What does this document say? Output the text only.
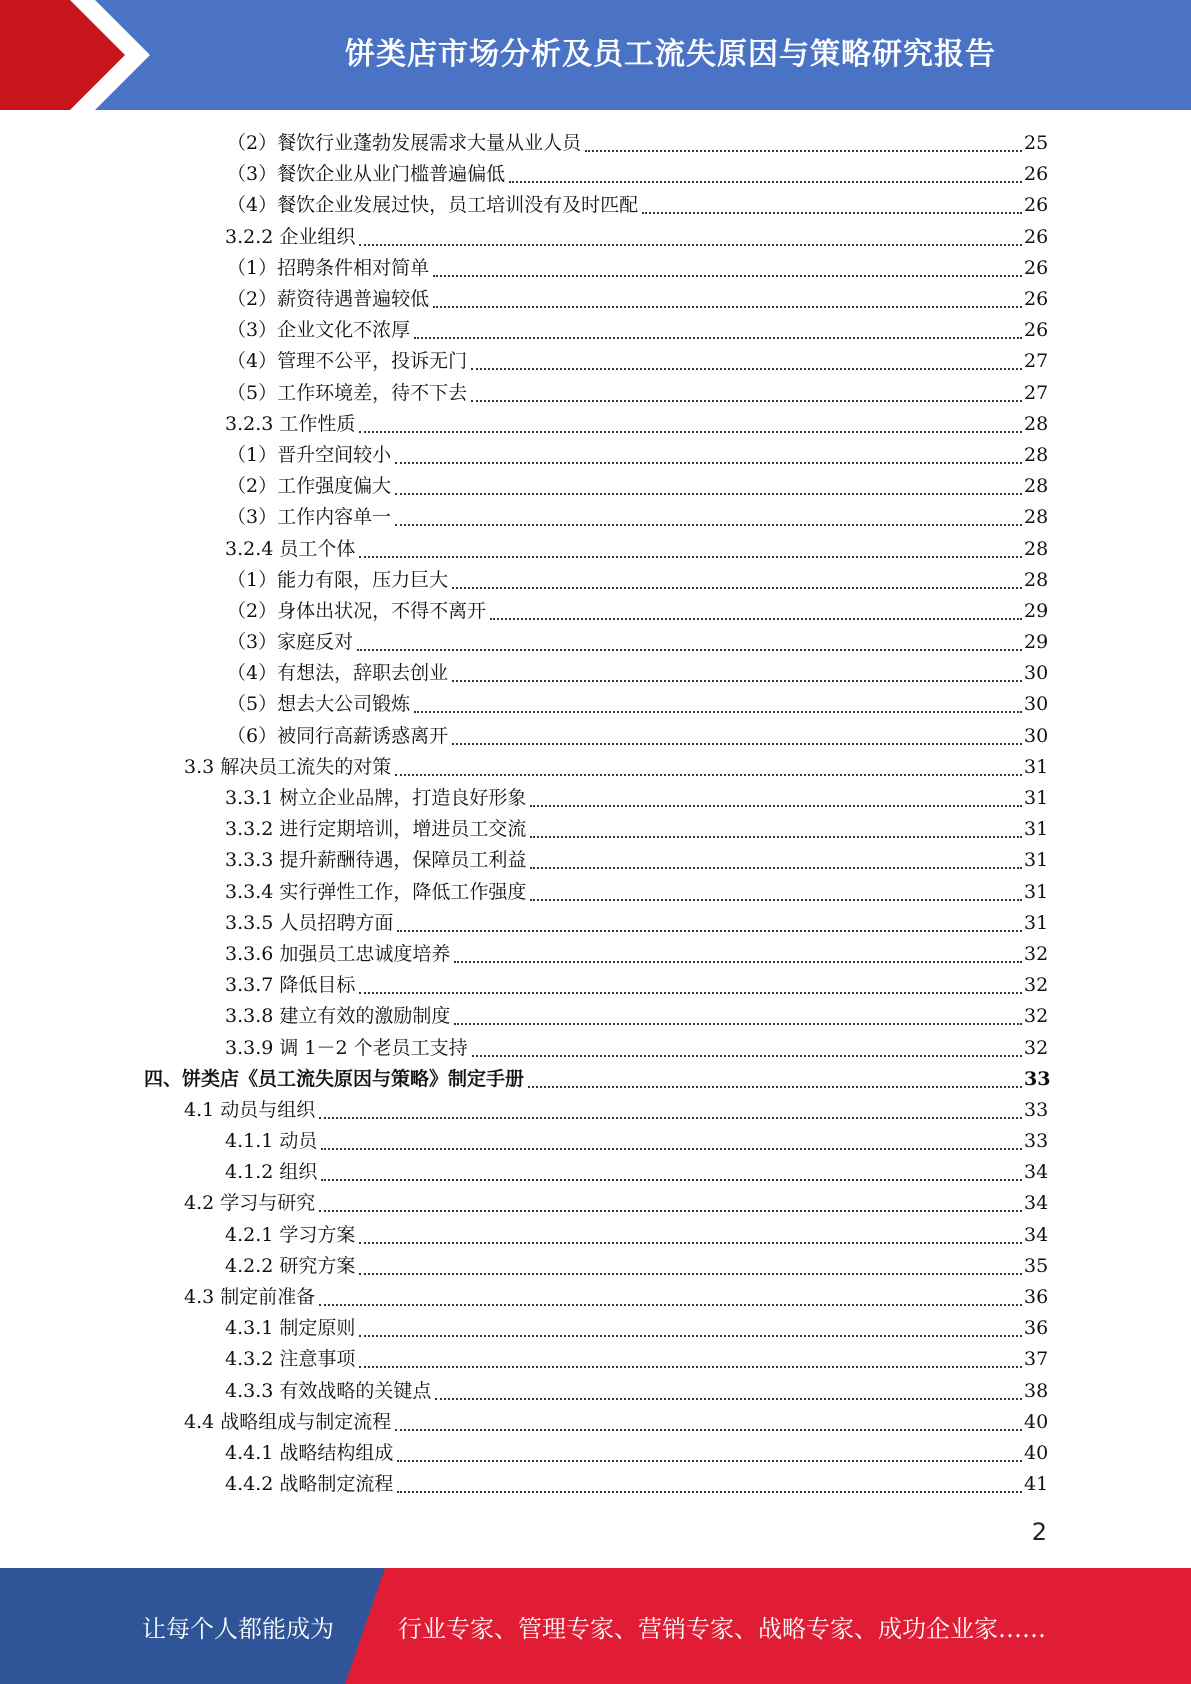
饼类店市场分析及员工流失原因与策略研究报告
（2）餐饮行业蓬勃发展需求大量从业人员	25
（3）餐饮企业从业门槛普遍偏低	26
（4）餐饮企业发展过快，员工培训没有及时匹配	26
3.2.2 企业组织	26
（1）招聘条件相对简单	26
（2）薪资待遇普遍较低	26
（3）企业文化不浓厚	26
（4）管理不公平，投诉无门	27
（5）工作环境差，待不下去	27
3.2.3 工作性质	28
（1）晋升空间较小	28
（2）工作强度偏大	28
（3）工作内容单一	28
3.2.4 员工个体	28
（1）能力有限，压力巨大	28
（2）身体出状况，不得不离开	29
（3）家庭反对	29
（4）有想法，辞职去创业	30
（5）想去大公司锻炼	30
（6）被同行高薪诱惑离开	30
3.3 解决员工流失的对策	31
3.3.1 树立企业品牌，打造良好形象	31
3.3.2 进行定期培训，增进员工交流	31
3.3.3 提升薪酬待遇，保障员工利益	31
3.3.4 实行弹性工作，降低工作强度	31
3.3.5 人员招聘方面	31
3.3.6 加强员工忠诚度培养	32
3.3.7 降低目标	32
3.3.8 建立有效的激励制度	32
3.3.9 调 1－2 个老员工支持	32
四、饼类店《员工流失原因与策略》制定手册	33
4.1 动员与组织	33
4.1.1 动员	33
4.1.2 组织	34
4.2 学习与研究	34
4.2.1 学习方案	34
4.2.2 研究方案	35
4.3 制定前准备	36
4.3.1 制定原则	36
4.3.2 注意事项	37
4.3.3 有效战略的关键点	38
4.4 战略组成与制定流程	40
4.4.1 战略结构组成	40
4.4.2 战略制定流程	41
2
让每个人都能成为	行业专家、管理专家、营销专家、战略专家、成功企业家……
